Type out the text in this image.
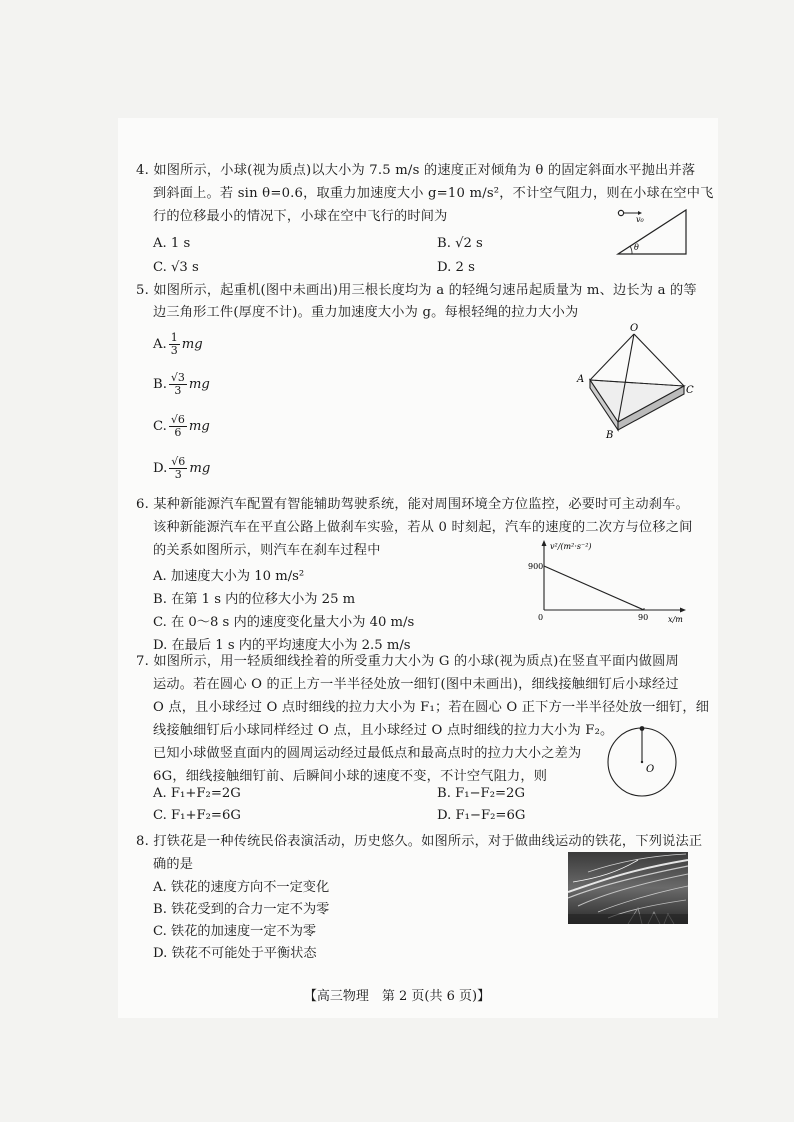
4. 如图所示，小球(视为质点)以大小为 7.5 m/s 的速度正对倾角为 θ 的固定斜面水平抛出并落
到斜面上。若 sin θ=0.6，取重力加速度大小 g=10 m/s²，不计空气阻力，则在小球在空中飞
行的位移最小的情况下，小球在空中飞行的时间为
A. 1 s	B. √2 s
C. √3 s	D. 2 s
v₀
θ
5. 如图所示，起重机(图中未画出)用三根长度均为 a 的轻绳匀速吊起质量为 m、边长为 a 的等
边三角形工件(厚度不计)。重力加速度大小为 g。每根轻绳的拉力大小为
A. $\frac{1}{3}$ mg
B. $\frac{√3}{3}$ mg
C. $\frac{√6}{6}$ mg
D. $\frac{√6}{3}$ mg
O
A
B
C
6. 某种新能源汽车配置有智能辅助驾驶系统，能对周围环境全方位监控，必要时可主动刹车。
该种新能源汽车在平直公路上做刹车实验，若从 0 时刻起，汽车的速度的二次方与位移之间
的关系如图所示，则汽车在刹车过程中
A. 加速度大小为 10 m/s²
B. 在第 1 s 内的位移大小为 25 m
C. 在 0～8 s 内的速度变化量大小为 40 m/s
D. 在最后 1 s 内的平均速度大小为 2.5 m/s
v²/(m²·s⁻²)
x/m
900
0	90
7. 如图所示，用一轻质细线拴着的所受重力大小为 G 的小球(视为质点)在竖直平面内做圆周
运动。若在圆心 O 的正上方一半半径处放一细钉(图中未画出)，细线接触细钉后小球经过
O 点，且小球经过 O 点时细线的拉力大小为 F₁；若在圆心 O 正下方一半半径处放一细钉，细
线接触细钉后小球同样经过 O 点，且小球经过 O 点时细线的拉力大小为 F₂。
已知小球做竖直面内的圆周运动经过最低点和最高点时的拉力大小之差为
6G，细线接触细钉前、后瞬间小球的速度不变，不计空气阻力，则
A. F₁+F₂=2G	B. F₁−F₂=2G
C. F₁+F₂=6G	D. F₁−F₂=6G
O
8. 打铁花是一种传统民俗表演活动，历史悠久。如图所示，对于做曲线运动的铁花，下列说法正
确的是
A. 铁花的速度方向不一定变化
B. 铁花受到的合力一定不为零
C. 铁花的加速度一定不为零
D. 铁花不可能处于平衡状态
【高三物理　第 2 页(共 6 页)】
